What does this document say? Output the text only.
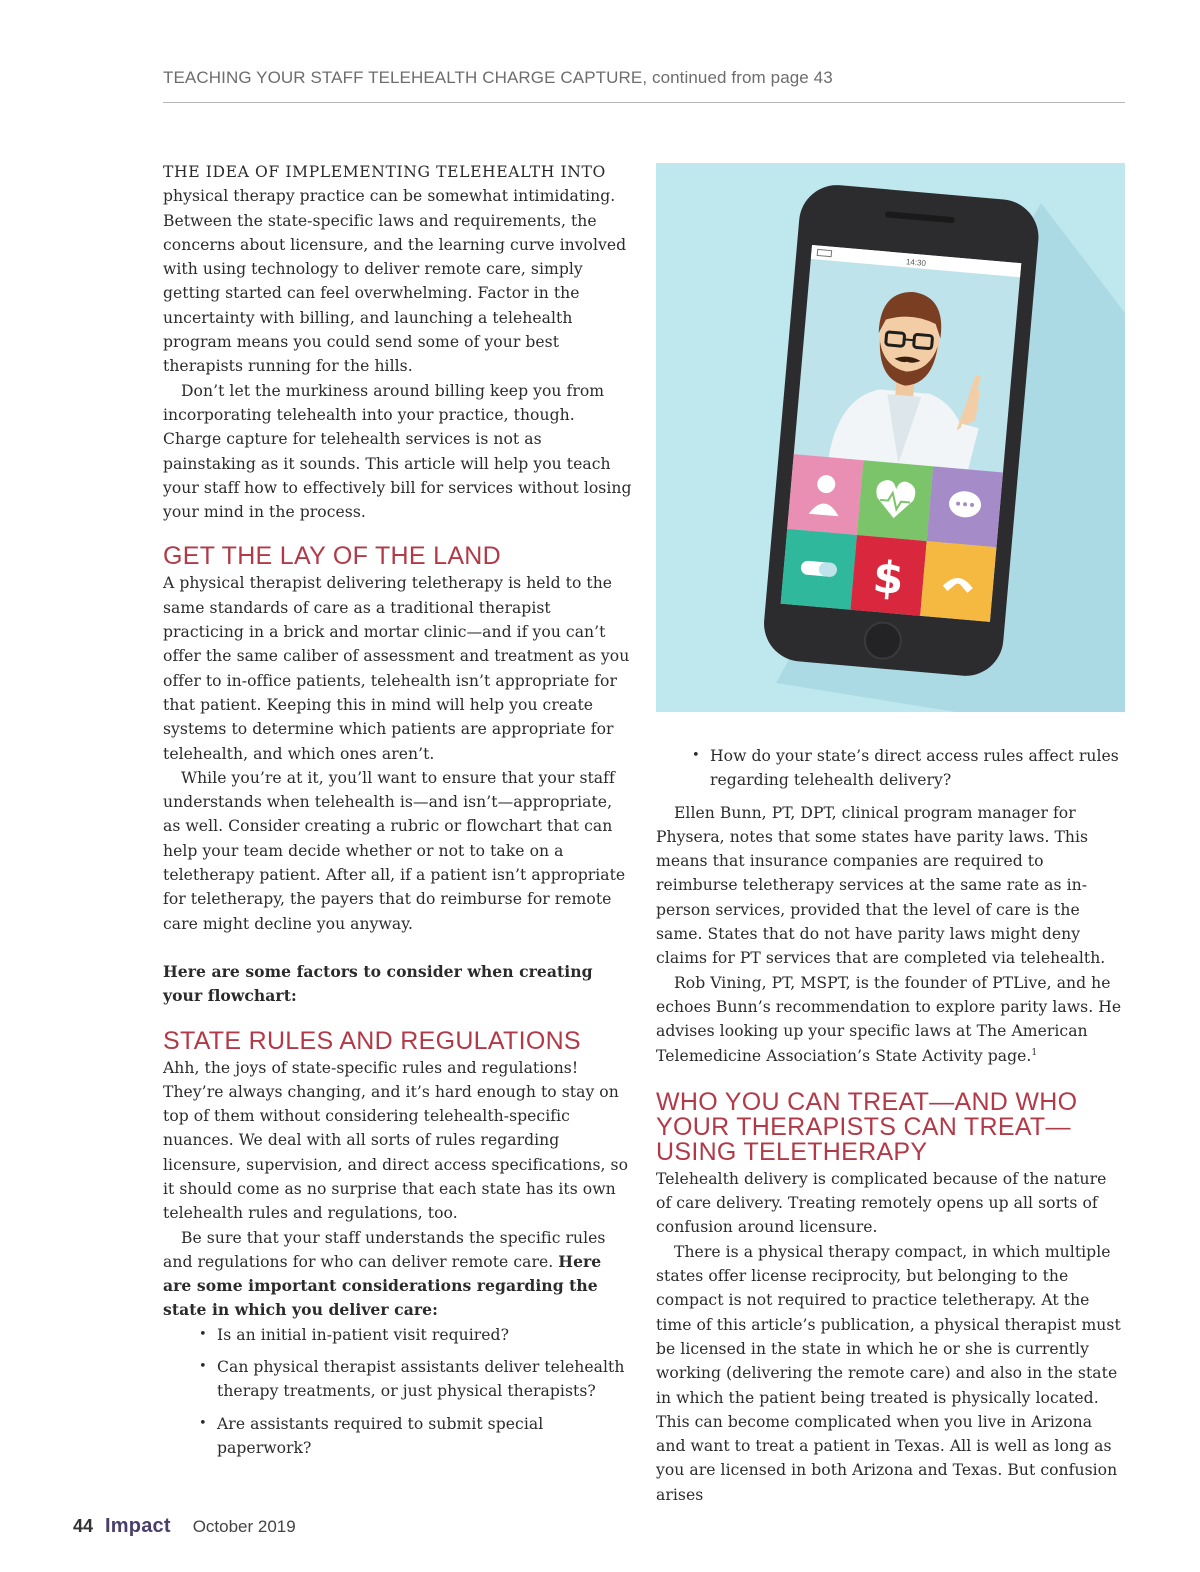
TEACHING YOUR STAFF TELEHEALTH CHARGE CAPTURE, continued from page 43

THE IDEA OF IMPLEMENTING TELEHEALTH INTO physical therapy practice can be somewhat intimidating. Between the state-specific laws and requirements, the concerns about licensure, and the learning curve involved with using technology to deliver remote care, simply getting started can feel overwhelming. Factor in the uncertainty with billing, and launching a telehealth program means you could send some of your best therapists running for the hills.

Don’t let the murkiness around billing keep you from incorporating telehealth into your practice, though. Charge capture for telehealth services is not as painstaking as it sounds. This article will help you teach your staff how to effectively bill for services without losing your mind in the process.

GET THE LAY OF THE LAND

A physical therapist delivering teletherapy is held to the same standards of care as a traditional therapist practicing in a brick and mortar clinic—and if you can’t offer the same caliber of assessment and treatment as you offer to in-office patients, telehealth isn’t appropriate for that patient. Keeping this in mind will help you create systems to determine which patients are appropriate for telehealth, and which ones aren’t.

While you’re at it, you’ll want to ensure that your staff understands when telehealth is—and isn’t—appropriate, as well. Consider creating a rubric or flowchart that can help your team decide whether or not to take on a teletherapy patient. After all, if a patient isn’t appropriate for teletherapy, the payers that do reimburse for remote care might decline you anyway.

Here are some factors to consider when creating your flowchart:

STATE RULES AND REGULATIONS

Ahh, the joys of state-specific rules and regulations! They’re always changing, and it’s hard enough to stay on top of them without considering telehealth-specific nuances. We deal with all sorts of rules regarding licensure, supervision, and direct access specifications, so it should come as no surprise that each state has its own telehealth rules and regulations, too.

Be sure that your staff understands the specific rules and regulations for who can deliver remote care. Here are some important considerations regarding the state in which you deliver care:

• Is an initial in-patient visit required?
• Can physical therapist assistants deliver telehealth therapy treatments, or just physical therapists?
• Are assistants required to submit special paperwork?
14:30
$
• How do your state’s direct access rules affect rules regarding telehealth delivery?

Ellen Bunn, PT, DPT, clinical program manager for Physera, notes that some states have parity laws. This means that insurance companies are required to reimburse teletherapy services at the same rate as in-person services, provided that the level of care is the same. States that do not have parity laws might deny claims for PT services that are completed via telehealth.

Rob Vining, PT, MSPT, is the founder of PTLive, and he echoes Bunn’s recommendation to explore parity laws. He advises looking up your specific laws at The American Telemedicine Association’s State Activity page.$^1$

WHO YOU CAN TREAT—AND WHO YOUR THERAPISTS CAN TREAT—USING TELETHERAPY

Telehealth delivery is complicated because of the nature of care delivery. Treating remotely opens up all sorts of confusion around licensure.

There is a physical therapy compact, in which multiple states offer license reciprocity, but belonging to the compact is not required to practice teletherapy. At the time of this article’s publication, a physical therapist must be licensed in the state in which he or she is currently working (delivering the remote care) and also in the state in which the patient being treated is physically located. This can become complicated when you live in Arizona and want to treat a patient in Texas. All is well as long as you are licensed in both Arizona and Texas. But confusion arises

44 Impact October 2019
